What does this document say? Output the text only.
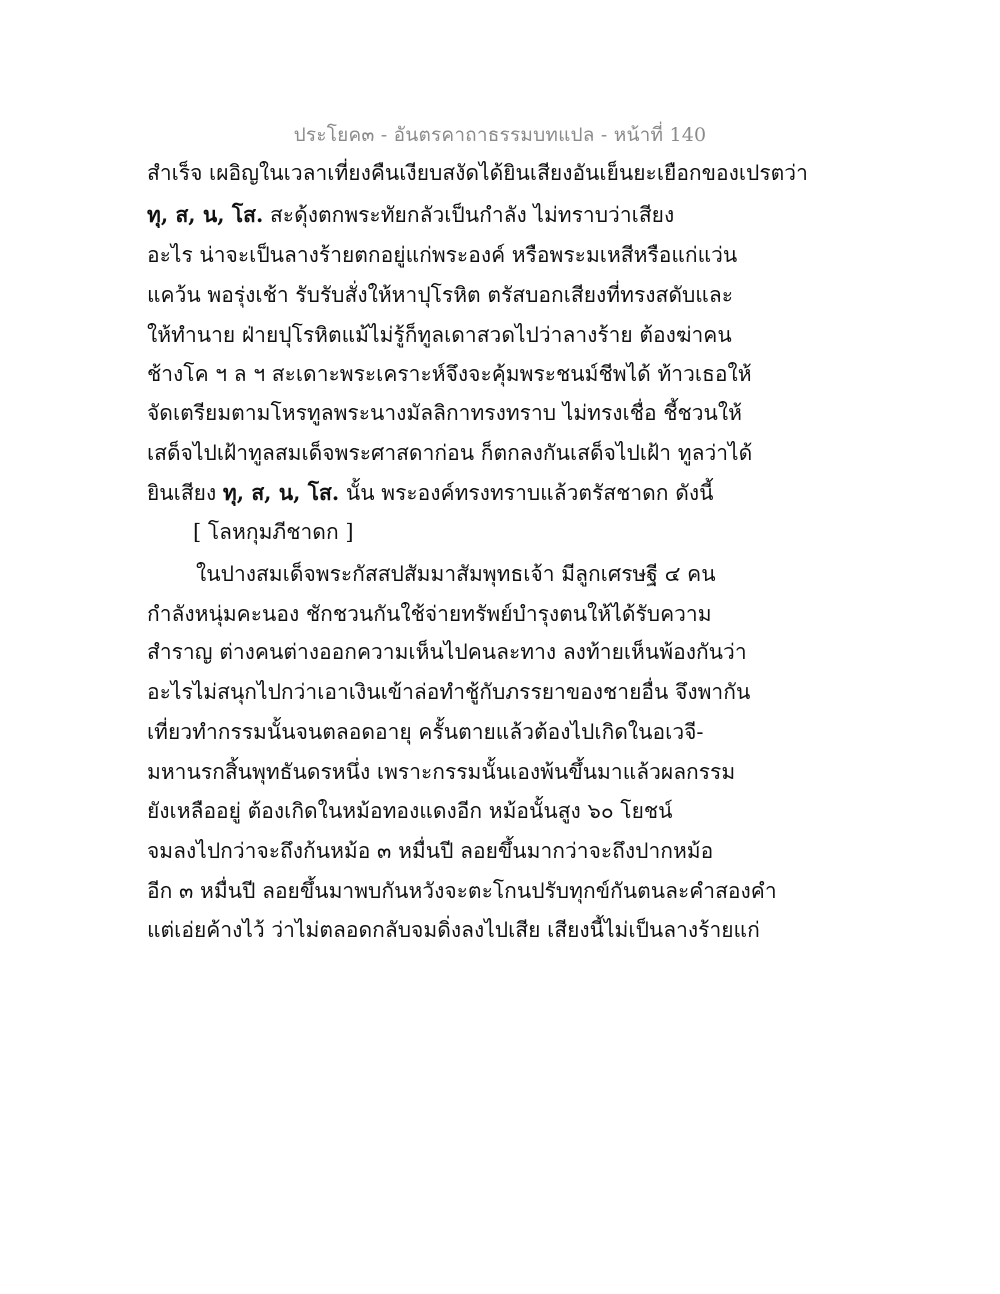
ประโยค๓ - อันตรคาถาธรรมบทแปล - หน้าที่ 140
สำเร็จ เผอิญในเวลาเที่ยงคืนเงียบสงัดได้ยินเสียงอันเย็นยะเยือกของเปรตว่า
ทุ, ส, น, โส. สะดุ้งตกพระทัยกลัวเป็นกำลัง ไม่ทราบว่าเสียง
อะไร น่าจะเป็นลางร้ายตกอยู่แก่พระองค์ หรือพระมเหสีหรือแก่แว่น
แคว้น พอรุ่งเช้า รับรับสั่งให้หาปุโรหิต ตรัสบอกเสียงที่ทรงสดับและ
ให้ทำนาย ฝ่ายปุโรหิตแม้ไม่รู้ก็ทูลเดาสวดไปว่าลางร้าย ต้องฆ่าคน
ช้างโค ฯ ล ฯ สะเดาะพระเคราะห์จึงจะคุ้มพระชนม์ชีพได้ ท้าวเธอให้
จัดเตรียมตามโหรทูลพระนางมัลลิกาทรงทราบ ไม่ทรงเชื่อ ชี้ชวนให้
เสด็จไปเฝ้าทูลสมเด็จพระศาสดาก่อน ก็ตกลงกันเสด็จไปเฝ้า ทูลว่าได้
ยินเสียง ทุ, ส, น, โส. นั้น พระองค์ทรงทราบแล้วตรัสชาดก ดังนี้
[ โลหกุมภีชาดก ]
ในปางสมเด็จพระกัสสปสัมมาสัมพุทธเจ้า มีลูกเศรษฐี ๔ คน
กำลังหนุ่มคะนอง ชักชวนกันใช้จ่ายทรัพย์บำรุงตนให้ได้รับความ
สำราญ ต่างคนต่างออกความเห็นไปคนละทาง ลงท้ายเห็นพ้องกันว่า
อะไรไม่สนุกไปกว่าเอาเงินเข้าล่อทำชู้กับภรรยาของชายอื่น จึงพากัน
เที่ยวทำกรรมนั้นจนตลอดอายุ ครั้นตายแล้วต้องไปเกิดในอเวจี-
มหานรกสิ้นพุทธันดรหนึ่ง เพราะกรรมนั้นเองพ้นขึ้นมาแล้วผลกรรม
ยังเหลืออยู่ ต้องเกิดในหม้อทองแดงอีก หม้อนั้นสูง ๖๐ โยชน์
จมลงไปกว่าจะถึงก้นหม้อ ๓ หมื่นปี ลอยขึ้นมากว่าจะถึงปากหม้อ
อีก ๓ หมื่นปี ลอยขึ้นมาพบกันหวังจะตะโกนปรับทุกข์กันตนละคำสองคำ
แต่เอ่ยค้างไว้ ว่าไม่ตลอดกลับจมดิ่งลงไปเสีย เสียงนี้ไม่เป็นลางร้ายแก่
